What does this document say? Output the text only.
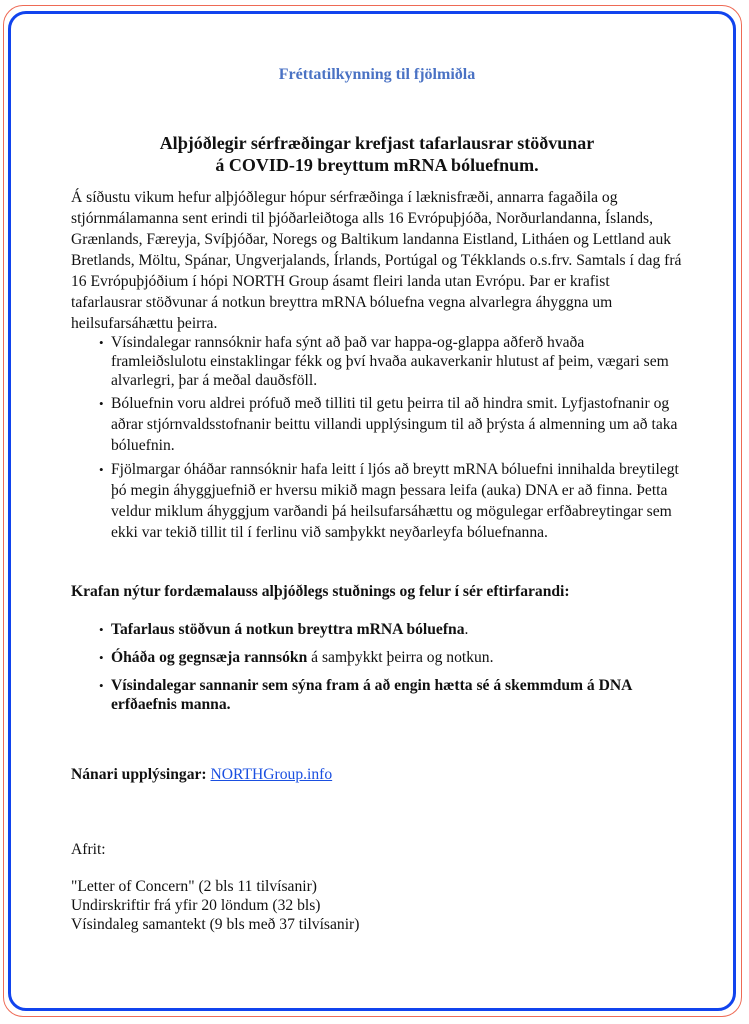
Fréttatilkynning til fjölmiðla
Alþjóðlegir sérfræðingar krefjast tafarlausrar stöðvunar
á COVID-19 breyttum mRNA bóluefnum.

Á síðustu vikum hefur alþjóðlegur hópur sérfræðinga í læknisfræði, annarra fagaðila og stjórnmálamanna sent erindi til þjóðarleiðtoga alls 16 Evrópuþjóða, Norðurlandanna, Íslands, Grænlands, Færeyja, Svíþjóðar, Noregs og Baltikum landanna Eistland, Litháen og Lettland auk Bretlands, Möltu, Spánar, Ungverjalands, Írlands, Portúgal og Tékklands o.s.frv. Samtals í dag frá 16 Evrópuþjóðium í hópi NORTH Group ásamt fleiri landa utan Evrópu. Þar er krafist tafarlausrar stöðvunar á notkun breyttra mRNA bóluefna vegna alvarlegra áhyggna um heilsufarsáhættu þeirra.

• Vísindalegar rannsóknir hafa sýnt að það var happa-og-glappa aðferð hvaða framleiðslulotu einstaklingar fékk og því hvaða aukaverkanir hlutust af þeim, vægari sem alvarlegri, þar á meðal dauðsföll.
• Bóluefnin voru aldrei prófuð með tilliti til getu þeirra til að hindra smit. Lyfjastofnanir og aðrar stjórnvaldsstofnanir beittu villandi upplýsingum til að þrýsta á almenning um að taka bóluefnin.
• Fjölmargar óháðar rannsóknir hafa leitt í ljós að breytt mRNA bóluefni innihalda breytilegt þó megin áhyggjuefnið er hversu mikið magn þessara leifa (auka) DNA er að finna. Þetta veldur miklum áhyggjum varðandi þá heilsufarsáhættu og mögulegar erfðabreytingar sem ekki var tekið tillit til í ferlinu við samþykkt neyðarleyfa bóluefnanna.

Krafan nýtur fordæmalauss alþjóðlegs stuðnings og felur í sér eftirfarandi:

• Tafarlaus stöðvun á notkun breyttra mRNA bóluefna.
• Óháða og gegnsæja rannsókn á samþykkt þeirra og notkun.
• Vísindalegar sannanir sem sýna fram á að engin hætta sé á skemmdum á DNA erfðaefnis manna.

Nánari upplýsingar: NORTHGroup.info

Afrit:

"Letter of Concern" (2 bls 11 tilvísanir)
Undirskriftir frá yfir 20 löndum (32 bls)
Vísindaleg samantekt (9 bls með 37 tilvísanir)
